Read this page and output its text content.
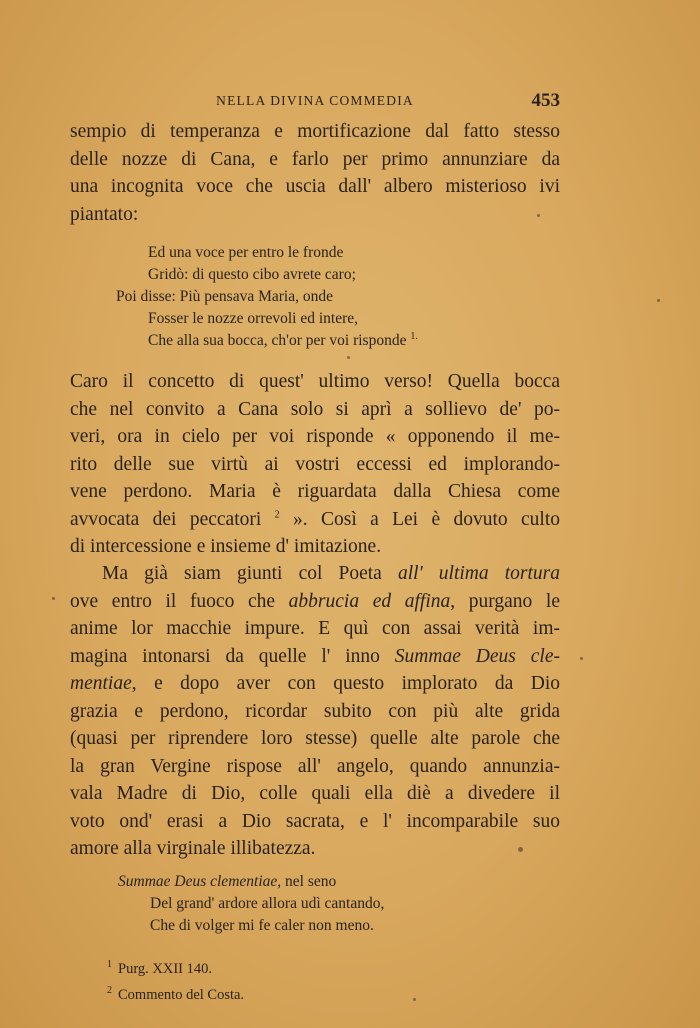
NELLA DIVINA COMMEDIA	453

sempio di temperanza e mortificazione dal fatto stesso
delle nozze di Cana, e farlo per primo annunziare da
una incognita voce che uscia dall' albero misterioso ivi
piantato:

Ed una voce per entro le fronde
Gridò: di questo cibo avrete caro;
Poi disse: Più pensava Maria, onde
Fosser le nozze orrevoli ed intere,
Che alla sua bocca, ch'or per voi risponde $^{1.}$

Caro il concetto di quest' ultimo verso! Quella bocca
che nel convito a Cana solo si aprì a sollievo de' po-
veri, ora in cielo per voi risponde « opponendo il me-
rito delle sue virtù ai vostri eccessi ed implorando-
vene perdono. Maria è riguardata dalla Chiesa come
avvocata dei peccatori $^2$ ». Così a Lei è dovuto culto
di intercessione e insieme d' imitazione.

Ma già siam giunti col Poeta all' ultima tortura
ove entro il fuoco che abbrucia ed affina, purgano le
anime lor macchie impure. E quì con assai verità im-
magina intonarsi da quelle l' inno Summae Deus cle-
mentiae, e dopo aver con questo implorato da Dio
grazia e perdono, ricordar subito con più alte grida
(quasi per riprendere loro stesse) quelle alte parole che
la gran Vergine rispose all' angelo, quando annunzia-
vala Madre di Dio, colle quali ella diè a divedere il
voto ond' erasi a Dio sacrata, e l' incomparabile suo
amore alla virginale illibatezza.

Summae Deus clementiae, nel seno
Del grand' ardore allora udì cantando,
Che di volger mi fe caler non meno.
$^1$ Purg. XXII 140.
$^2$ Commento del Costa.
